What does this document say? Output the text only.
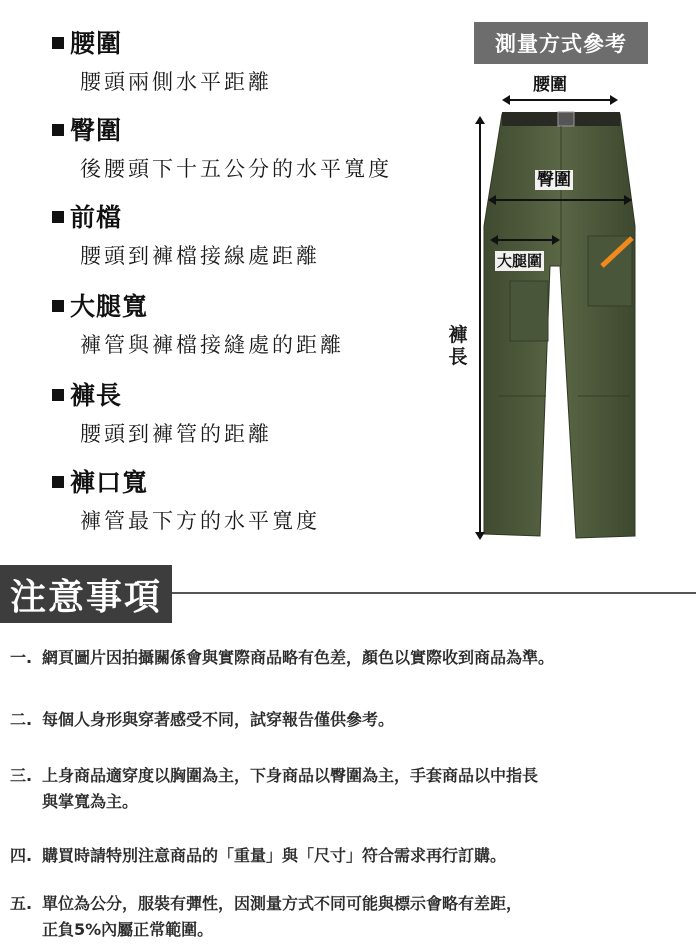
腰圍
腰頭兩側水平距離
臀圍
後腰頭下十五公分的水平寬度
前檔
腰頭到褲檔接線處距離
大腿寬
褲管與褲檔接縫處的距離
褲長
腰頭到褲管的距離
褲口寬
褲管最下方的水平寬度
測量方式參考
腰圍
臀圍
大腿圍
褲長
注意事項
一. 網頁圖片因拍攝關係會與實際商品略有色差，顏色以實際收到商品為準。
二. 每個人身形與穿著感受不同，試穿報告僅供參考。
三. 上身商品適穿度以胸圍為主，下身商品以臀圍為主，手套商品以中指長
與掌寬為主。
四. 購買時請特別注意商品的「重量」與「尺寸」符合需求再行訂購。
五. 單位為公分，服裝有彈性，因測量方式不同可能與標示會略有差距，
正負5%內屬正常範圍。
